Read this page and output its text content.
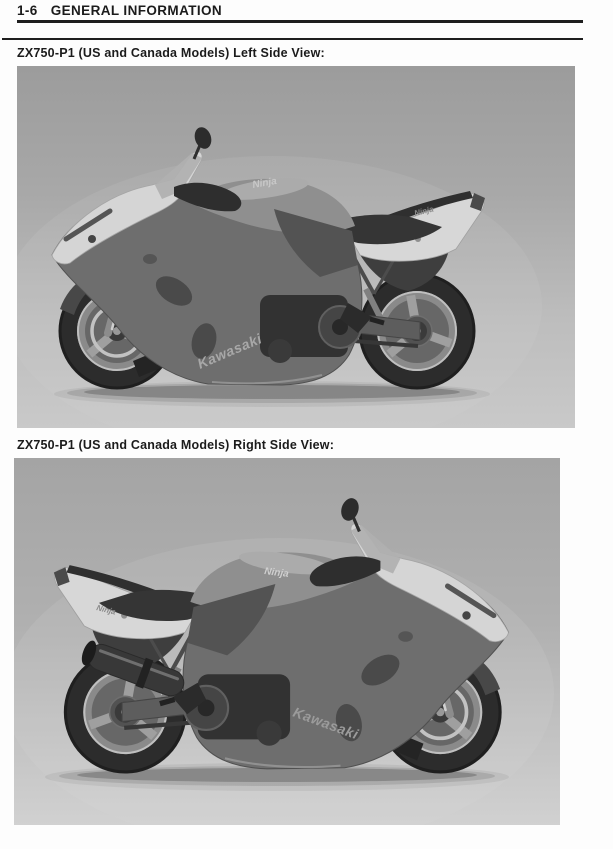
1-6 GENERAL INFORMATION
ZX750-P1 (US and Canada Models) Left Side View:
Kawasaki
Ninja
Ninja
ZX750-P1 (US and Canada Models) Right Side View:
Kawasaki
Ninja
Ninja
